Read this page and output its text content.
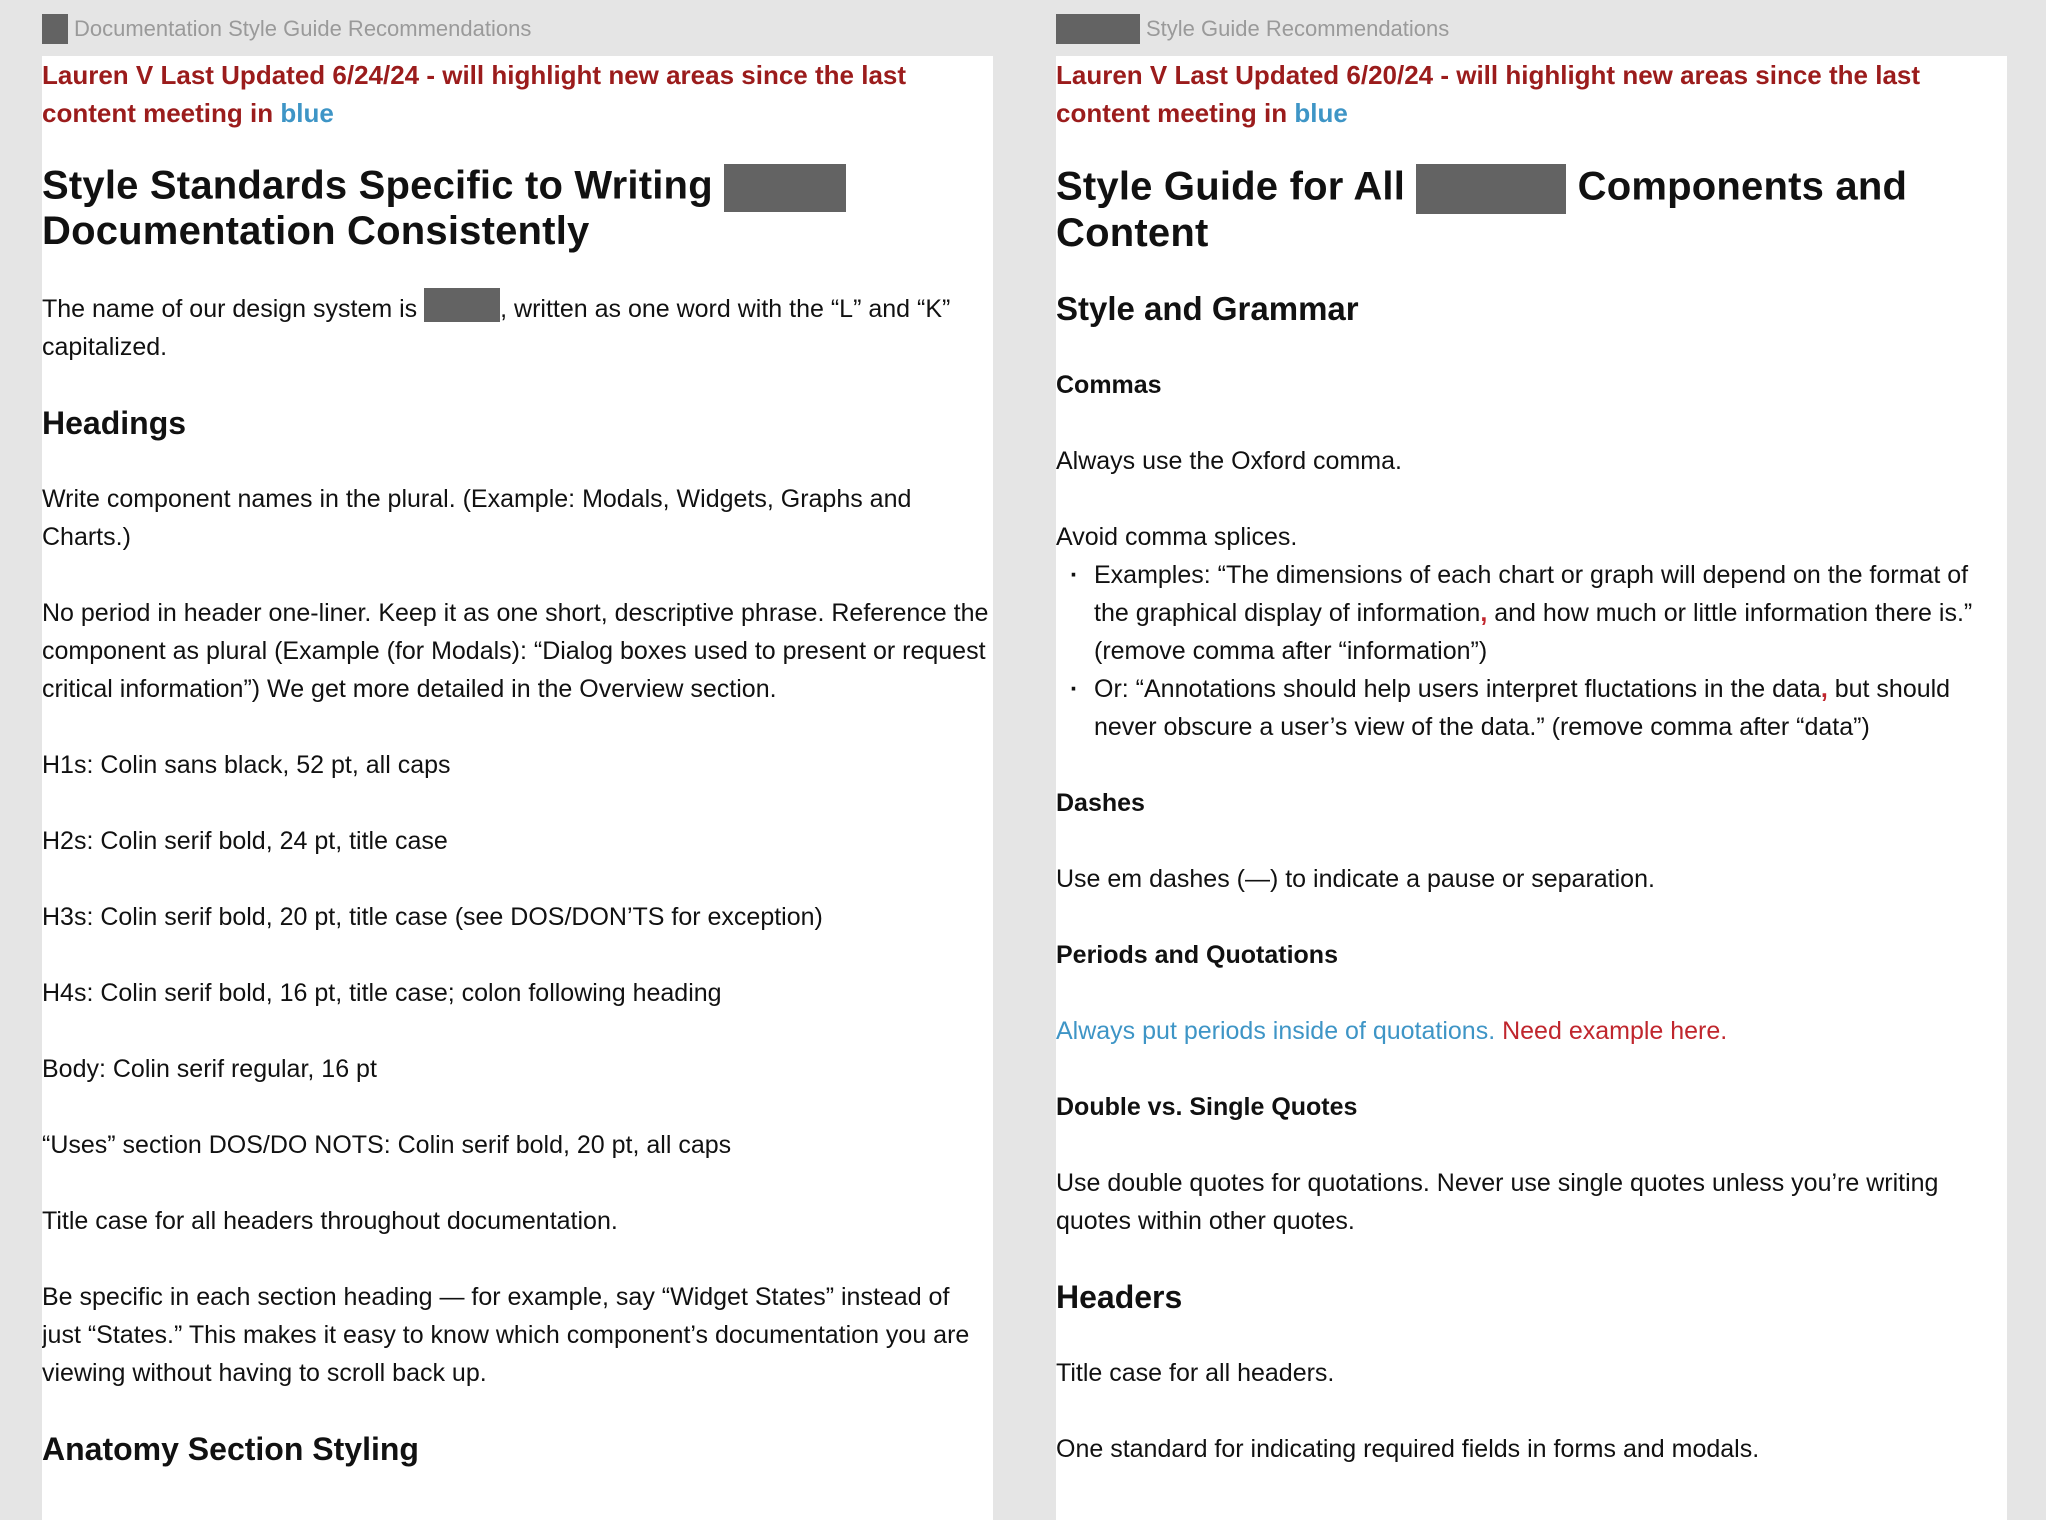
Documentation Style Guide Recommendations

Lauren V Last Updated 6/24/24 - will highlight new areas since the last content meeting in blue

Style Standards Specific to Writing
Documentation Consistently

The name of our design system is	, written as one word with the “L” and “K” capitalized.

Headings

Write component names in the plural. (Example: Modals, Widgets, Graphs and Charts.)

No period in header one-liner. Keep it as one short, descriptive phrase. Reference the component as plural (Example (for Modals): “Dialog boxes used to present or request critical information”) We get more detailed in the Overview section.

H1s: Colin sans black, 52 pt, all caps

H2s: Colin serif bold, 24 pt, title case

H3s: Colin serif bold, 20 pt, title case (see DOS/DON’TS for exception)

H4s: Colin serif bold, 16 pt, title case; colon following heading

Body: Colin serif regular, 16 pt

“Uses” section DOS/DO NOTS: Colin serif bold, 20 pt, all caps

Title case for all headers throughout documentation.

Be specific in each section heading — for example, say “Widget States” instead of just “States.” This makes it easy to know which component’s documentation you are viewing without having to scroll back up.

Anatomy Section Styling
Style Guide Recommendations

Lauren V Last Updated 6/20/24 - will highlight new areas since the last content meeting in blue

Style Guide for All	Components and Content
Style and Grammar
Commas

Always use the Oxford comma.

Avoid comma splices.

· Examples: “The dimensions of each chart or graph will depend on the format of the graphical display of information, and how much or little information there is.” (remove comma after “information”)
· Or: “Annotations should help users interpret fluctations in the data, but should never obscure a user’s view of the data.” (remove comma after “data”)
Dashes

Use em dashes (—) to indicate a pause or separation.

Periods and Quotations

Always put periods inside of quotations. Need example here.

Double vs. Single Quotes

Use double quotes for quotations. Never use single quotes unless you’re writing quotes within other quotes.

Headers

Title case for all headers.

One standard for indicating required fields in forms and modals.
